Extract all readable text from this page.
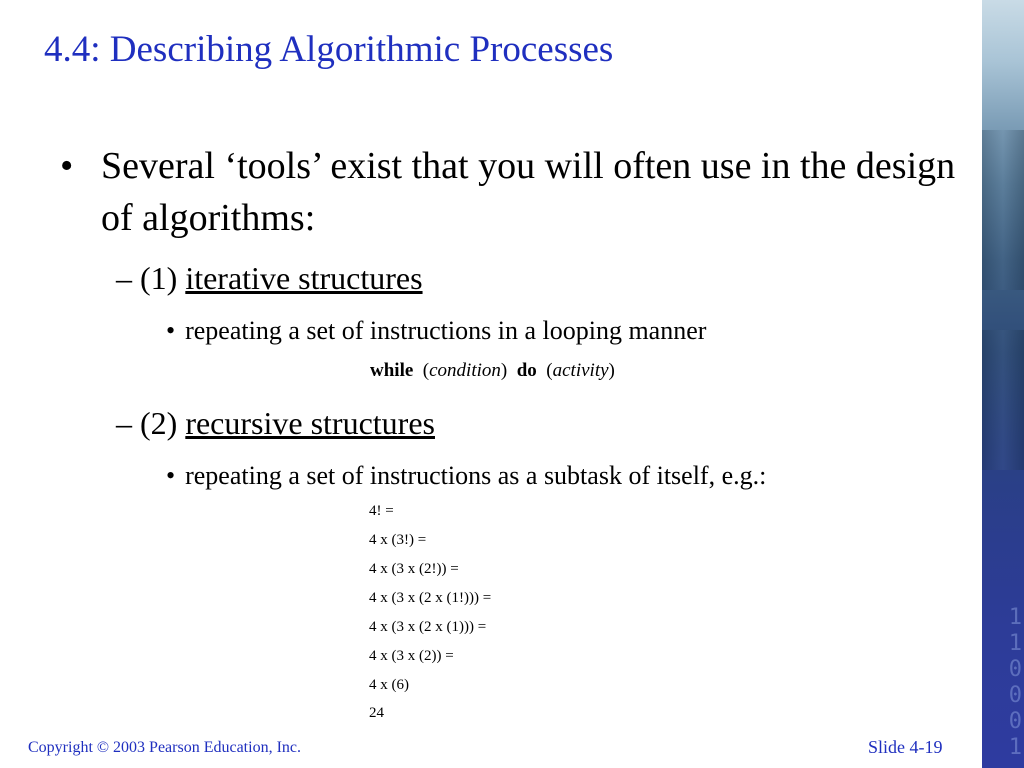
1 1
0 0
0 1
4.4: Describing Algorithmic Processes
• Several ‘tools’ exist that you will often use in the design of algorithms:
– (1) iterative structures
• repeating a set of instructions in a looping manner
while (condition) do (activity)
– (2) recursive structures
• repeating a set of instructions as a subtask of itself, e.g.:
4! =
4 x (3!) =
4 x (3 x (2!)) =
4 x (3 x (2 x (1!))) =
4 x (3 x (2 x (1))) =
4 x (3 x (2)) =
4 x (6)
24
Copyright © 2003 Pearson Education, Inc.	Slide 4-19
